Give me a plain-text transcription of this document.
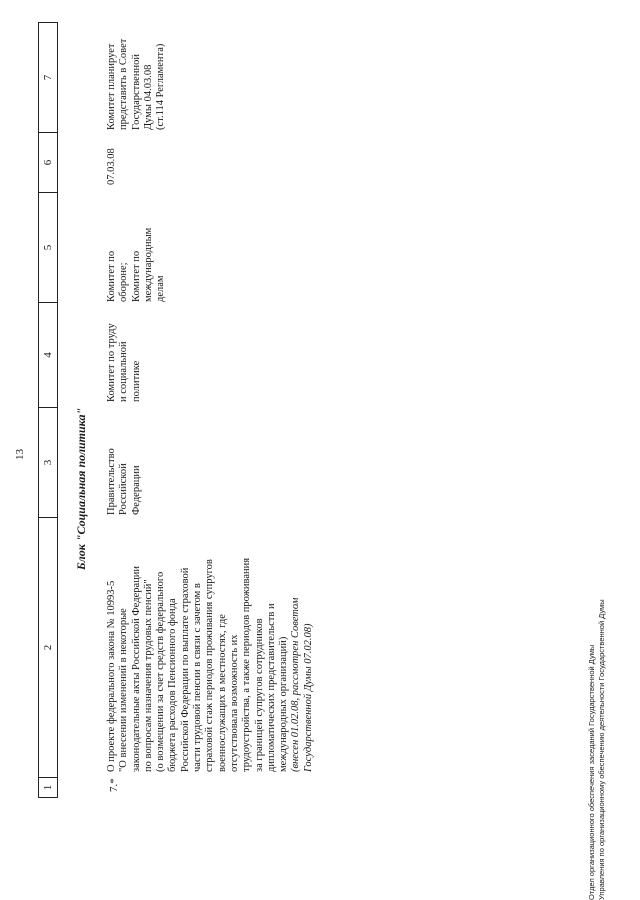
13
1
2
3
4
5
6
7
Блок "Социальная политика"
7.*
О проекте федерального закона № 10993-5 "О внесении изменений в некоторые законодательные акты Российской Федерации по вопросам назначения трудовых пенсий" (о возмещении за счет средств федерального бюджета расходов Пенсионного фонда Российской Федерации по выплате страховой части трудовой пенсии в связи с зачетом в страховой стаж периодов проживания супругов военнослужащих в местностях, где отсутствовала возможность их трудоустройства, а также периодов проживания за границей супругов сотрудников дипломатических представительств и международных организаций) (внесен 01.02.08, рассмотрен Советом Государственной Думы 07.02.08)
Правительство Российской Федерации
Комитет по труду и социальной политике
Комитет по обороне; Комитет по международным делам
07.03.08
Комитет планирует представить в Совет Государственной Думы 04.03.08 (ст.114 Регламента)
Отдел организационного обеспечения заседаний Государственной Думы Управления по организационному обеспечению деятельности Государственной Думы
